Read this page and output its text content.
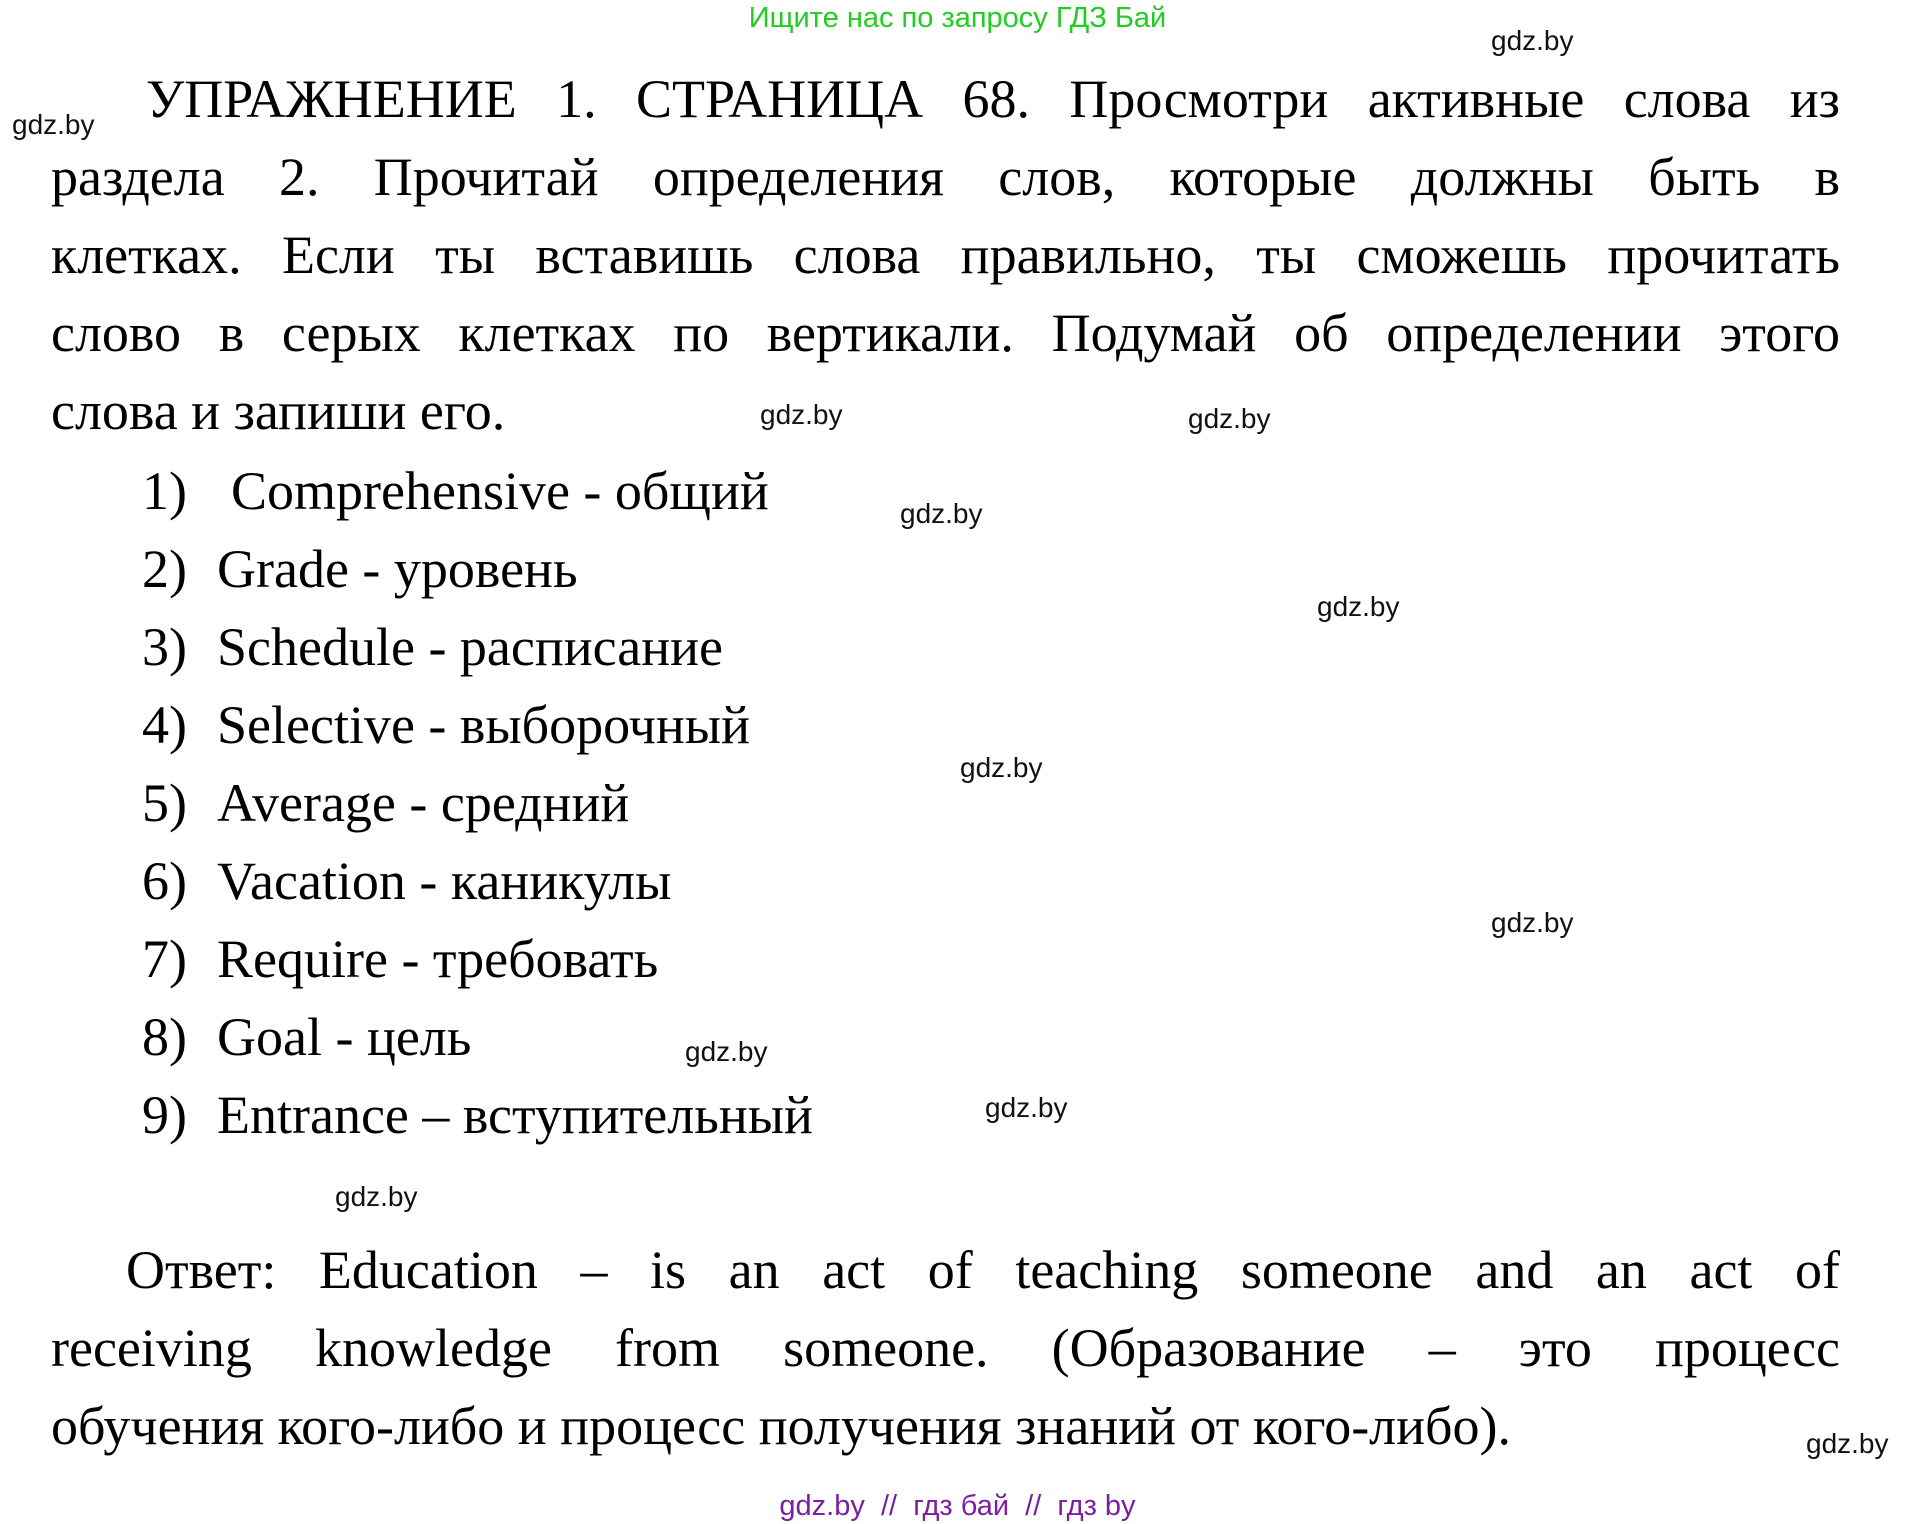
Ищите нас по запросу ГДЗ Бай
УПРАЖНЕНИЕ 1. СТРАНИЦА 68. Просмотри активные слова из
раздела 2. Прочитай определения слов, которые должны быть в
клетках. Если ты вставишь слова правильно, ты сможешь прочитать
слово в серых клетках по вертикали. Подумай об определении этого
слова и запиши его.
1) Comprehensive - общий
2) Grade - уровень
3) Schedule - расписание
4) Selective - выборочный
5) Average - средний
6) Vacation - каникулы
7) Require - требовать
8) Goal - цель
9) Entrance – вступительный
Ответ: Education – is an act of teaching someone and an act of
receiving knowledge from someone. (Образование – это процесс
обучения кого-либо и процесс получения знаний от кого-либо).
gdz.by
gdz.by
gdz.by	gdz.by
gdz.by
gdz.by
gdz.by
gdz.by
gdz.by
gdz.by
gdz.by
gdz.by
gdz.by  //  гдз бай  //  гдз by
